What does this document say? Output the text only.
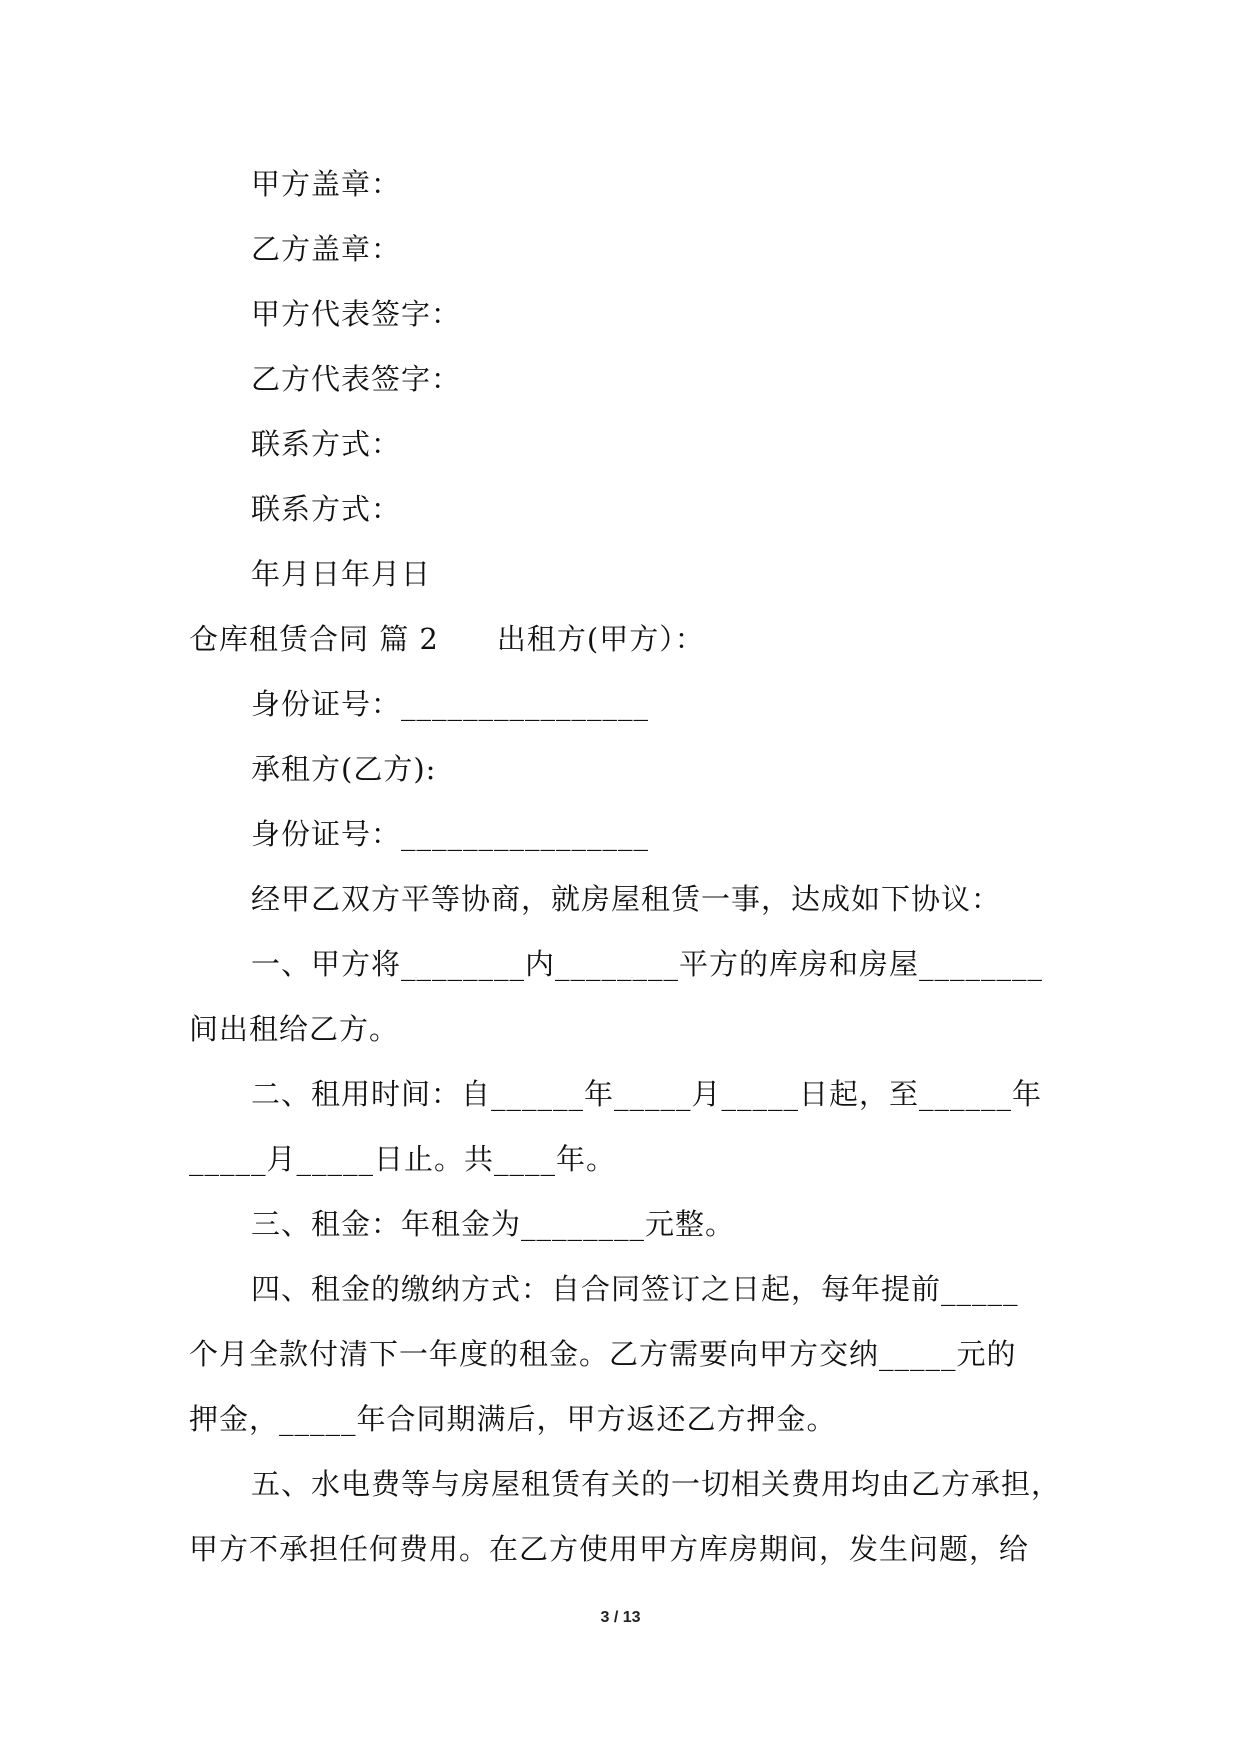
甲方盖章：
乙方盖章：
甲方代表签字：
乙方代表签字：
联系方式：
联系方式：
年月日年月日
仓库租赁合同 篇 2 出租方(甲方）：
身份证号：________________
承租方(乙方):
身份证号：________________
经甲乙双方平等协商，就房屋租赁一事，达成如下协议：
一、甲方将________内________平方的库房和房屋________
间出租给乙方。
二、租用时间：自______年_____月_____日起，至______年
_____月_____日止。共____年。
三、租金：年租金为________元整。
四、租金的缴纳方式：自合同签订之日起，每年提前_____
个月全款付清下一年度的租金。乙方需要向甲方交纳_____元的
押金，_____年合同期满后，甲方返还乙方押金。
五、水电费等与房屋租赁有关的一切相关费用均由乙方承担，
甲方不承担任何费用。在乙方使用甲方库房期间，发生问题，给
3 / 13
